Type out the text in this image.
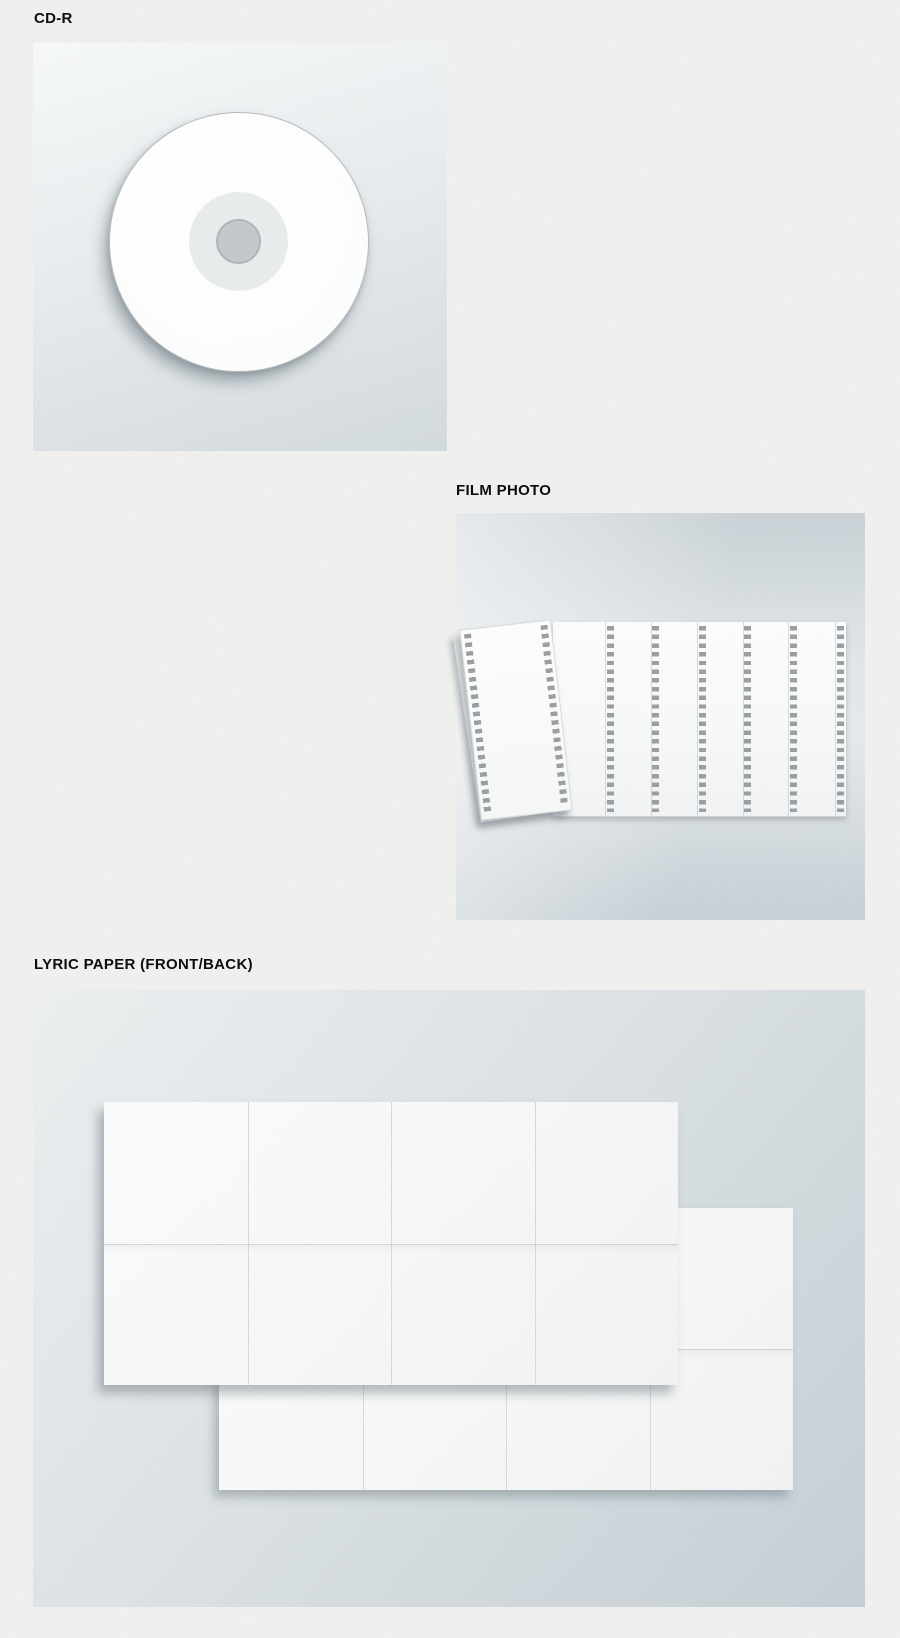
CD-R
FILM PHOTO
LYRIC PAPER (FRONT/BACK)
